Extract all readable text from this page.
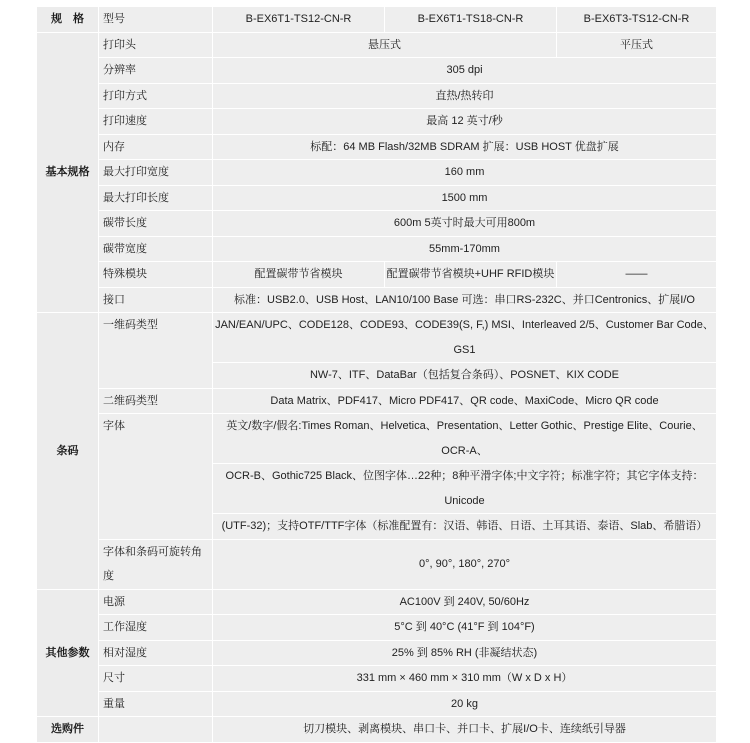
规　格	型号	B-EX6T1-TS12-CN-R	B-EX6T1-TS18-CN-R	B-EX6T3-TS12-CN-R
基本规格	打印头	悬压式		平压式
	分辨率	305 dpi		
	打印方式	直热/热转印		
	打印速度	最高 12 英寸/秒		
	内存	标配：64 MB Flash/32MB SDRAM 扩展：USB HOST 优盘扩展		
	最大打印宽度	160 mm		
	最大打印长度	1500 mm		
	碳带长度	600m 5英寸时最大可用800m		
	碳带宽度	55mm-170mm		
	特殊模块	配置碳带节省模块	配置碳带节省模块+UHF RFID模块	——
	接口	标准：USB2.0、USB Host、LAN10/100 Base 可选：串口RS-232C、并口Centronics、扩展I/O		
条码	一维码类型	JAN/EAN/UPC、CODE128、CODE93、CODE39(S, F,) MSI、Interleaved 2/5、Customer Bar Code、GS1		
		NW-7、ITF、DataBar（包括复合条码）、POSNET、KIX CODE		
	二维码类型	Data Matrix、PDF417、Micro PDF417、QR code、MaxiCode、Micro QR code		
	字体	英文/数字/假名:Times Roman、Helvetica、Presentation、Letter Gothic、Prestige Elite、Courie、OCR-A、		
		OCR-B、Gothic725 Black、位图字体…22种；8种平滑字体;中文字符；标准字符；其它字体支持：Unicode		
		(UTF-32)；支持OTF/TTF字体（标准配置有：汉语、韩语、日语、土耳其语、泰语、Slab、希腊语）		
	字体和条码可旋转角度	0°, 90°, 180°, 270°		
其他参数	电源	AC100V 到 240V, 50/60Hz		
	工作湿度	5°C 到 40°C (41°F 到 104°F)		
	相对湿度	25% 到 85% RH (非凝结状态)		
	尺寸	331 mm × 460 mm × 310 mm（W x D x H）		
	重量	20 kg		
选购件		切刀模块、剥离模块、串口卡、并口卡、扩展I/O卡、连续纸引导器		
